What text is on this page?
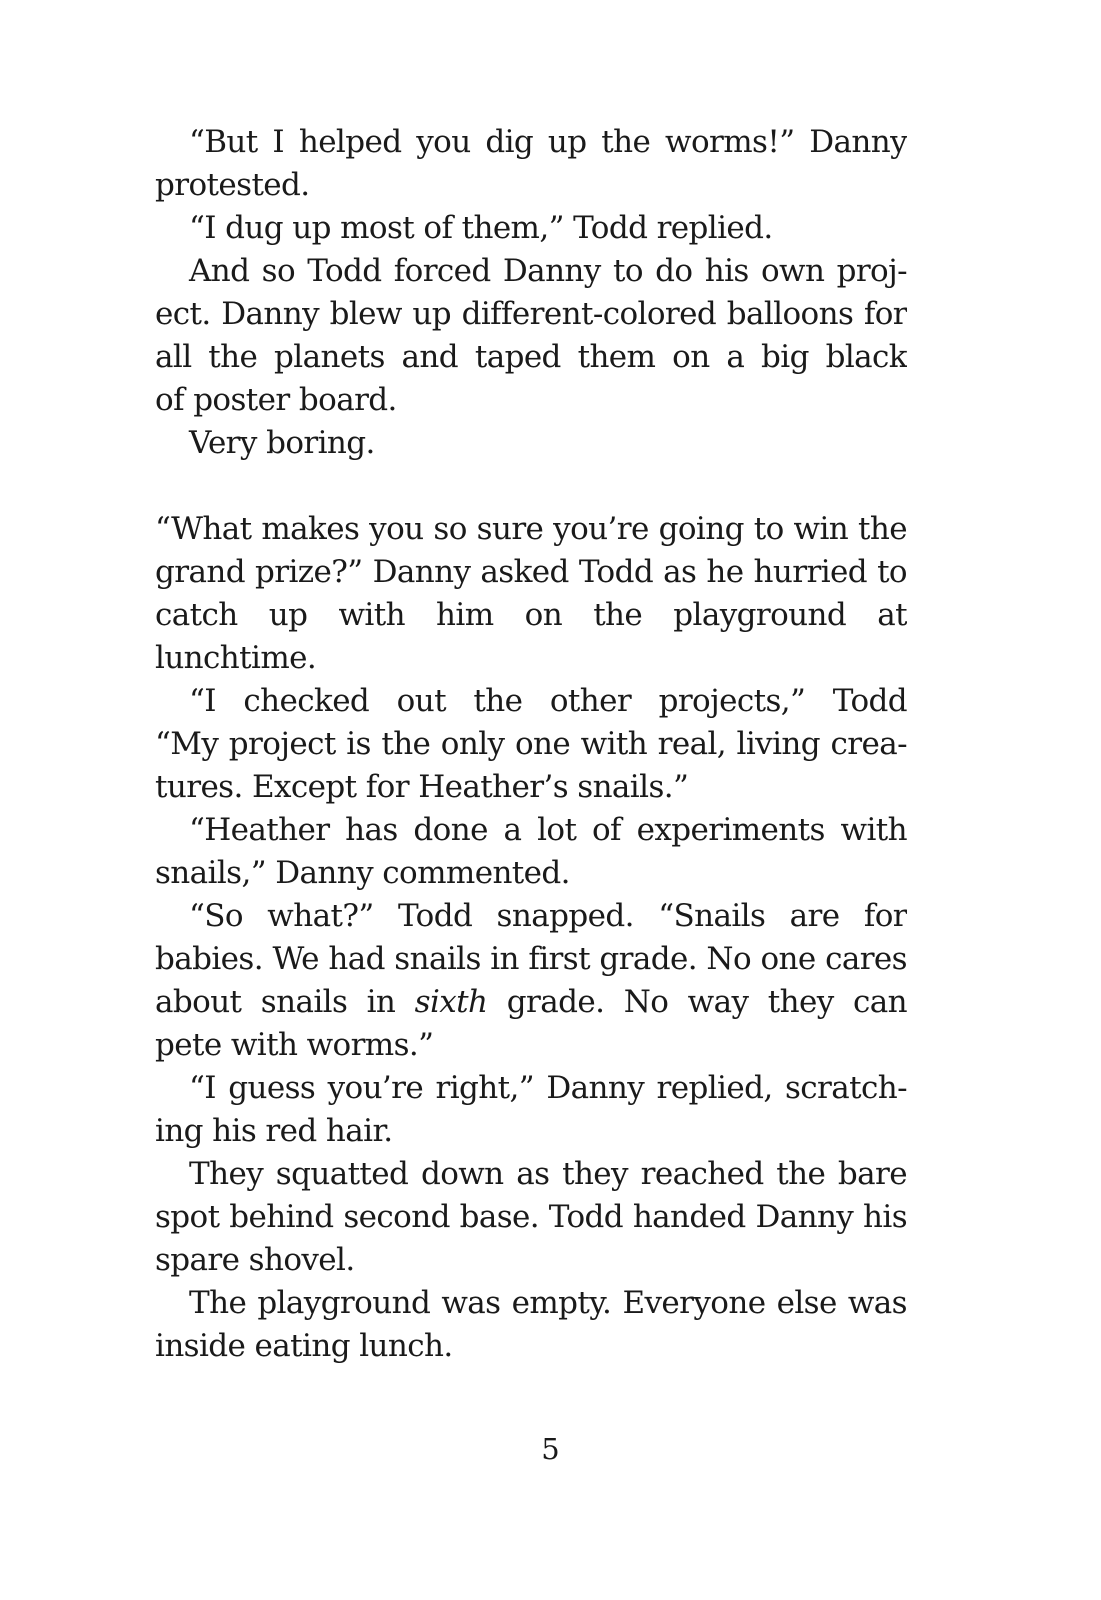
“But I helped you dig up the worms!” Danny
protested.
“I dug up most of them,” Todd replied.
And so Todd forced Danny to do his own proj-
ect. Danny blew up different-colored balloons for
all the planets and taped them on a big black
of poster board.
Very boring.
“What makes you so sure you’re going to win the
grand prize?” Danny asked Todd as he hurried to
catch up with him on the playground at
lunchtime.
“I checked out the other projects,” Todd
“My project is the only one with real, living crea-
tures. Except for Heather’s snails.”
“Heather has done a lot of experiments with
snails,” Danny commented.
“So what?” Todd snapped. “Snails are for
babies. We had snails in first grade. No one cares
about snails in sixth grade. No way they can
pete with worms.”
“I guess you’re right,” Danny replied, scratch-
ing his red hair.
They squatted down as they reached the bare
spot behind second base. Todd handed Danny his
spare shovel.
The playground was empty. Everyone else was
inside eating lunch.
5
